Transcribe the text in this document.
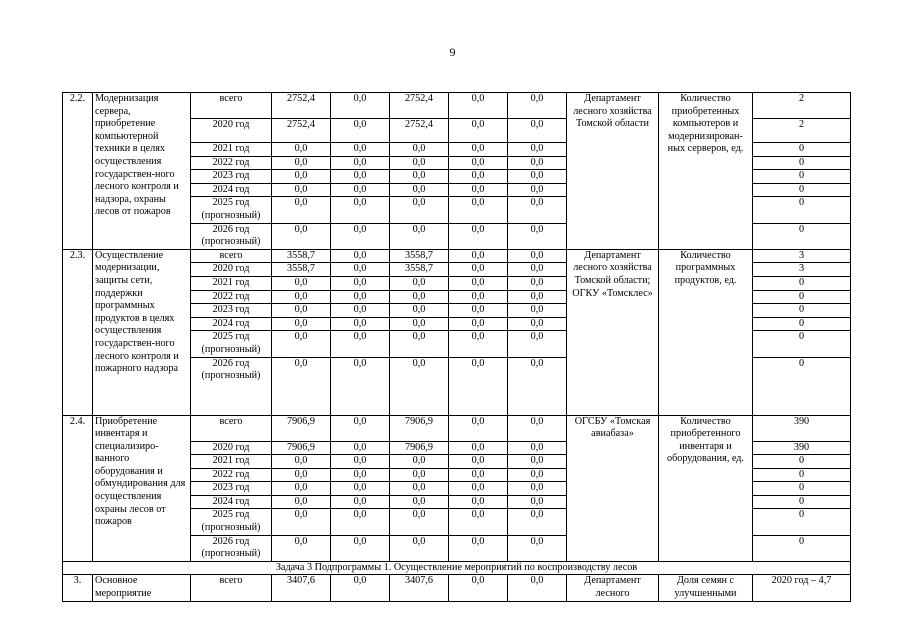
9
2.2.	Модернизация сервера, приобретение компьютерной техники в целях осуществления государствен-ного лесного контроля и надзора, охраны лесов от пожаров	всего	2752,4	0,0	2752,4	0,0	0,0	Департамент лесного хозяйства Томской области	Количество приобретенных компьютеров и модернизирован-ных серверов, ед.	2
		2020 год	2752,4	0,0	2752,4	0,0	0,0			2
		2021 год	0,0	0,0	0,0	0,0	0,0			0
		2022 год	0,0	0,0	0,0	0,0	0,0			0
		2023 год	0,0	0,0	0,0	0,0	0,0			0
		2024 год	0,0	0,0	0,0	0,0	0,0			0
		2025 год (прогнозный)	0,0	0,0	0,0	0,0	0,0			0
		2026 год (прогнозный)	0,0	0,0	0,0	0,0	0,0			0
2.3.	Осуществление модернизации, защиты сети, поддержки программных продуктов в целях осуществления государствен-ного лесного контроля и пожарного надзора	всего	3558,7	0,0	3558,7	0,0	0,0	Департамент лесного хозяйства Томской области; ОГКУ «Томсклес»	Количество программных продуктов, ед.	3
		2020 год	3558,7	0,0	3558,7	0,0	0,0			3
		2021 год	0,0	0,0	0,0	0,0	0,0			0
		2022 год	0,0	0,0	0,0	0,0	0,0			0
		2023 год	0,0	0,0	0,0	0,0	0,0			0
		2024 год	0,0	0,0	0,0	0,0	0,0			0
		2025 год (прогнозный)	0,0	0,0	0,0	0,0	0,0			0
		2026 год (прогнозный)	0,0	0,0	0,0	0,0	0,0			0
2.4.	Приобретение инвентаря и специализиро-ванного оборудования и обмундирования для осуществления охраны лесов от пожаров	всего	7906,9	0,0	7906,9	0,0	0,0	ОГСБУ «Томская авиабаза»	Количество приобретенного инвентаря и оборудования, ед.	390
		2020 год	7906,9	0,0	7906,9	0,0	0,0			390
		2021 год	0,0	0,0	0,0	0,0	0,0			0
		2022 год	0,0	0,0	0,0	0,0	0,0			0
		2023 год	0,0	0,0	0,0	0,0	0,0			0
		2024 год	0,0	0,0	0,0	0,0	0,0			0
		2025 год (прогнозный)	0,0	0,0	0,0	0,0	0,0			0
		2026 год (прогнозный)	0,0	0,0	0,0	0,0	0,0			0
Задача 3 Подпрограммы 1. Осуществление мероприятий по воспроизводству лесов										
3.	Основное мероприятие	всего	3407,6	0,0	3407,6	0,0	0,0	Департамент лесного	Доля семян с улучшенными	2020 год – 4,7
